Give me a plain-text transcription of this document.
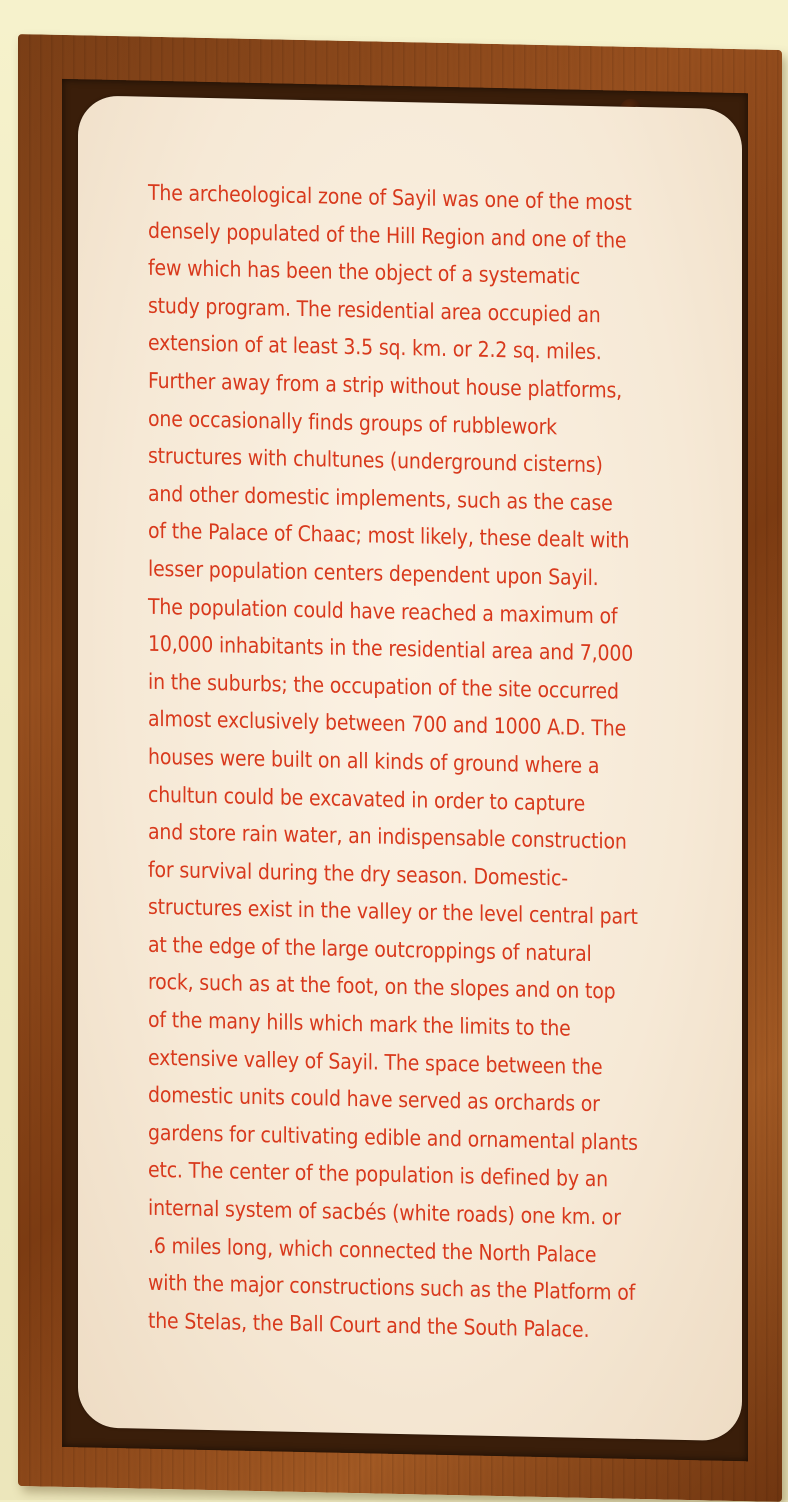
The archeological zone of Sayil was one of the most
densely populated of the Hill Region and one of the
few which has been the object of a systematic
study program. The residential area occupied an
extension of at least 3.5 sq. km. or 2.2 sq. miles.
Further away from a strip without house platforms,
one occasionally finds groups of rubblework
structures with chultunes (underground cisterns)
and other domestic implements, such as the case
of the Palace of Chaac; most likely, these dealt with
lesser population centers dependent upon Sayil.
The population could have reached a maximum of
10,000 inhabitants in the residential area and 7,000
in the suburbs; the occupation of the site occurred
almost exclusively between 700 and 1000 A.D. The
houses were built on all kinds of ground where a
chultun could be excavated in order to capture
and store rain water, an indispensable construction
for survival during the dry season. Domestic-
structures exist in the valley or the level central part
at the edge of the large outcroppings of natural
rock, such as at the foot, on the slopes and on top
of the many hills which mark the limits to the
extensive valley of Sayil. The space between the
domestic units could have served as orchards or
gardens for cultivating edible and ornamental plants
etc. The center of the population is defined by an
internal system of sacbés (white roads) one km. or
.6 miles long, which connected the North Palace
with the major constructions such as the Platform of
the Stelas, the Ball Court and the South Palace.
